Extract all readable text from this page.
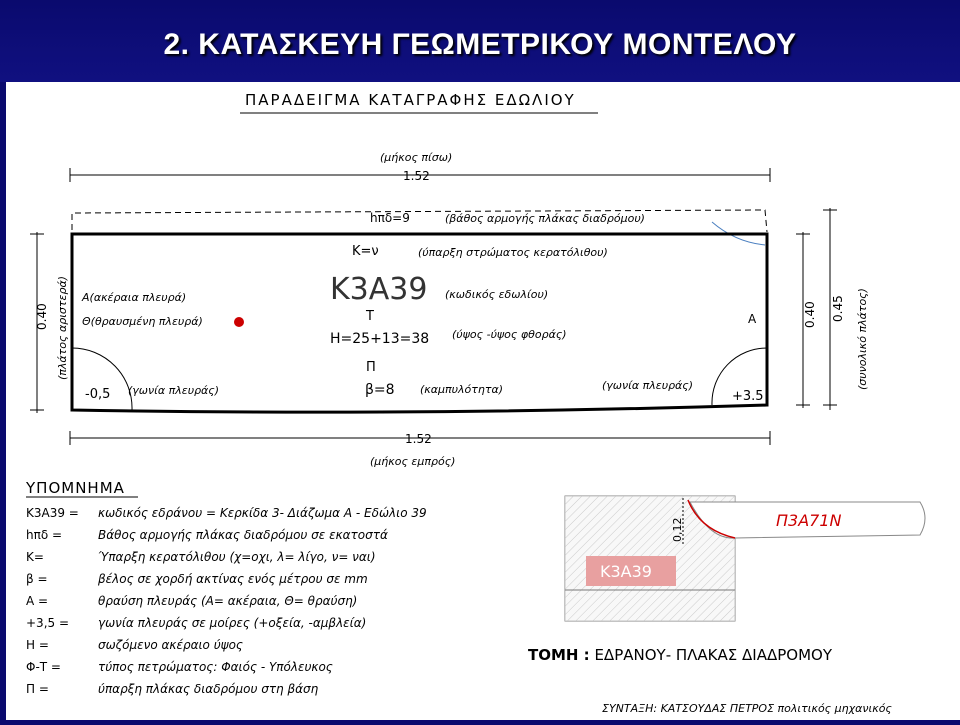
2. ΚΑΤΑΣΚΕΥΗ ΓΕΩΜΕΤΡΙΚΟΥ ΜΟΝΤΕΛΟΥ
ΠΑΡΑΔΕΙΓΜΑ ΚΑΤΑΓΡΑΦΗΣ ΕΔΩΛΙΟΥ
(μήκος πίσω)
1.52
0.40 (πλάτος αριστερά)	0.40 0.45 (συνολικό πλάτος)
hπδ=9	(βάθος αρμογής πλάκας διαδρόμου)
K=ν	(ύπαρξη στρώματος κερατόλιθου)
K3A39 (κωδικός εδωλίου)
A(ακέραια πλευρά)
Θ(θραυσμένη πλευρά)	Τ
H=25+13=38 (ύψος -ύψος φθοράς)
A
Π
β=8 (καμπυλότητα)
-0,5 (γωνία πλευράς)	(γωνία πλευράς)
+3.5
1.52
(μήκος εμπρός)
ΥΠΟΜΝΗΜΑ
K3A39 = κωδικός εδράνου = Κερκίδα 3- Διάζωμα Α - Εδώλιο 39
hπδ =	Βάθος αρμογής πλάκας διαδρόμου σε εκατοστά
K=	Ύπαρξη κερατόλιθου (χ=οχι, λ= λίγο, ν= ναι)
β =	βέλος σε χορδή ακτίνας ενός μέτρου σε mm
A =	θραύση πλευράς (Α= ακέραια, Θ= θραύση)
+3,5 = γωνία πλευράς σε μοίρες (+οξεία, -αμβλεία)
H =	σωζόμενο ακέραιο ύψος
Φ-Τ =	τύπος πετρώματος: Φαιός - Υπόλευκος
Π =	ύπαρξη πλάκας διαδρόμου στη βάση
0,12	Π3Α71Ν
K3A39
ΤΟΜΗ : ΕΔΡΑΝΟΥ- ΠΛΑΚΑΣ ΔΙΑΔΡΟΜΟΥ
ΣΥΝΤΑΞΗ: ΚΑΤΣΟΥΔΑΣ ΠΕΤΡΟΣ πολιτικός μηχανικός
